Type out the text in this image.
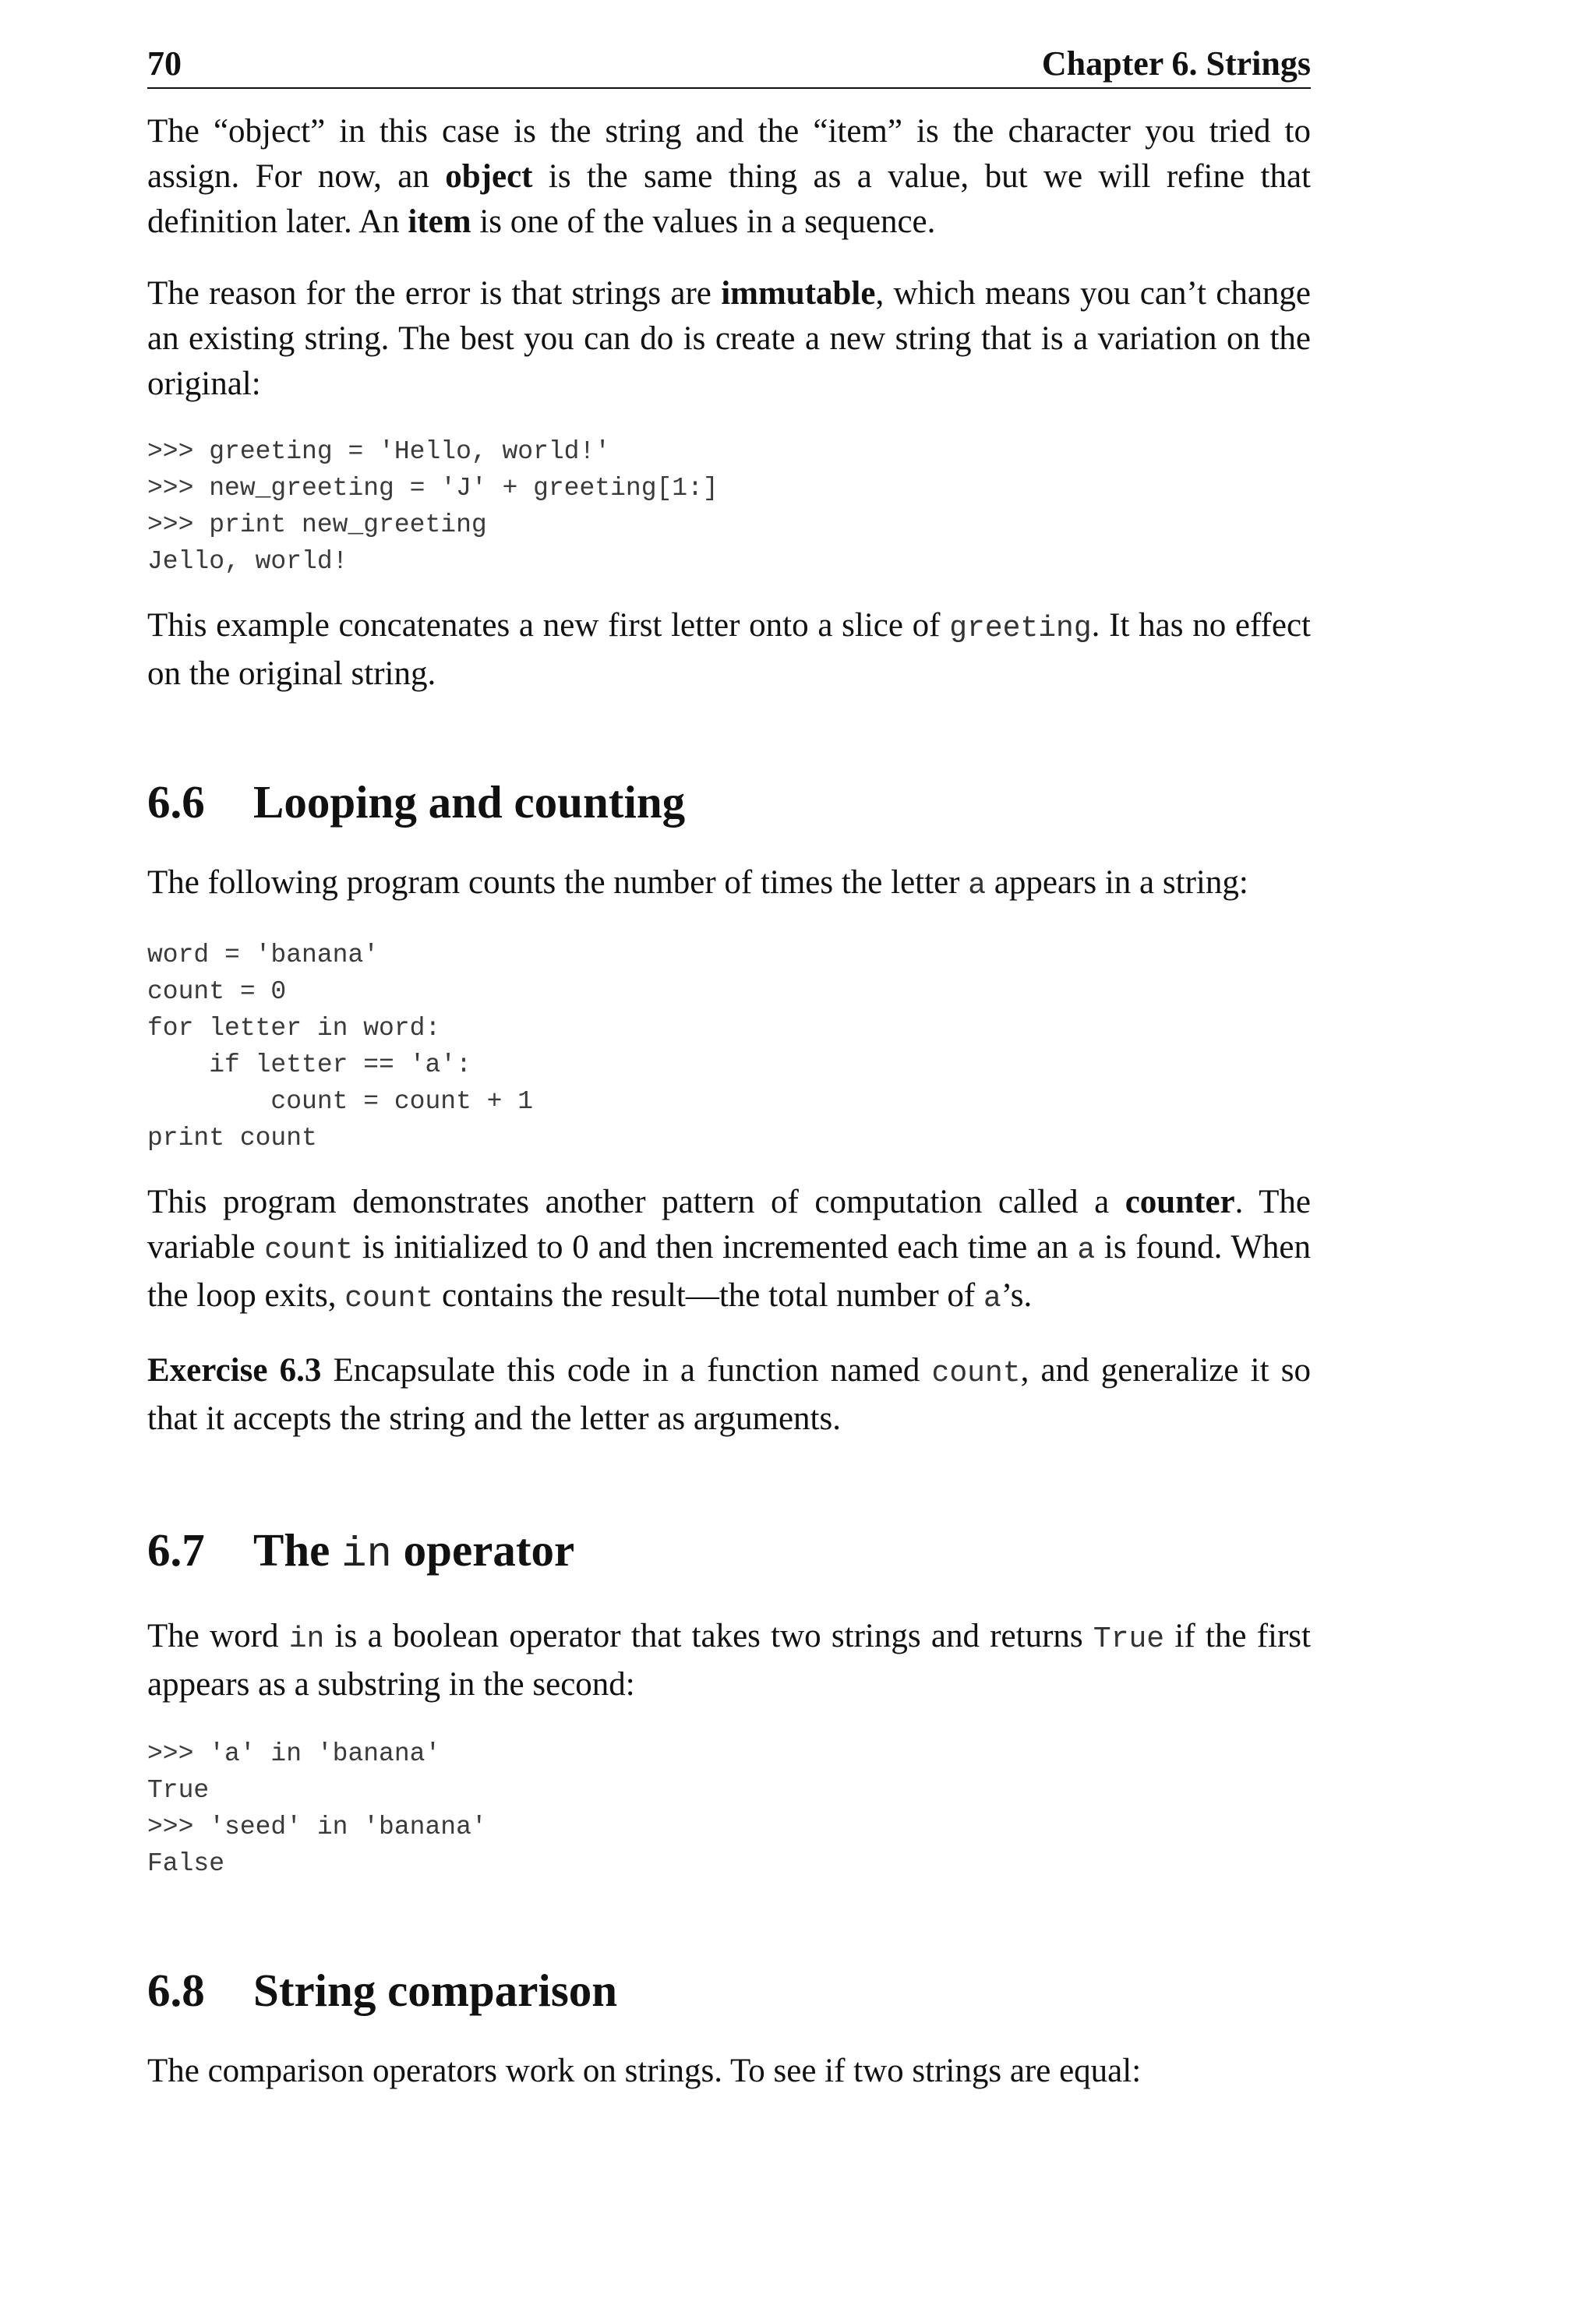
70	Chapter 6. Strings

The “object” in this case is the string and the “item” is the character you tried to assign. For now, an object is the same thing as a value, but we will refine that definition later. An item is one of the values in a sequence.

The reason for the error is that strings are immutable, which means you can’t change an existing string. The best you can do is create a new string that is a variation on the original:

>>> greeting = 'Hello, world!'
>>> new_greeting = 'J' + greeting[1:]
>>> print new_greeting
Jello, world!

This example concatenates a new first letter onto a slice of greeting. It has no effect on the original string.

6.6	Looping and counting

The following program counts the number of times the letter a appears in a string:

word = 'banana'
count = 0
for letter in word:
if letter == 'a':
count = count + 1
print count

This program demonstrates another pattern of computation called a counter. The variable count is initialized to 0 and then incremented each time an a is found. When the loop exits, count contains the result—the total number of a’s.

Exercise 6.3 Encapsulate this code in a function named count, and generalize it so that it accepts the string and the letter as arguments.

6.7	The in operator

The word in is a boolean operator that takes two strings and returns True if the first appears as a substring in the second:

>>> 'a' in 'banana'
True
>>> 'seed' in 'banana'
False
6.8	String comparison

The comparison operators work on strings. To see if two strings are equal:
